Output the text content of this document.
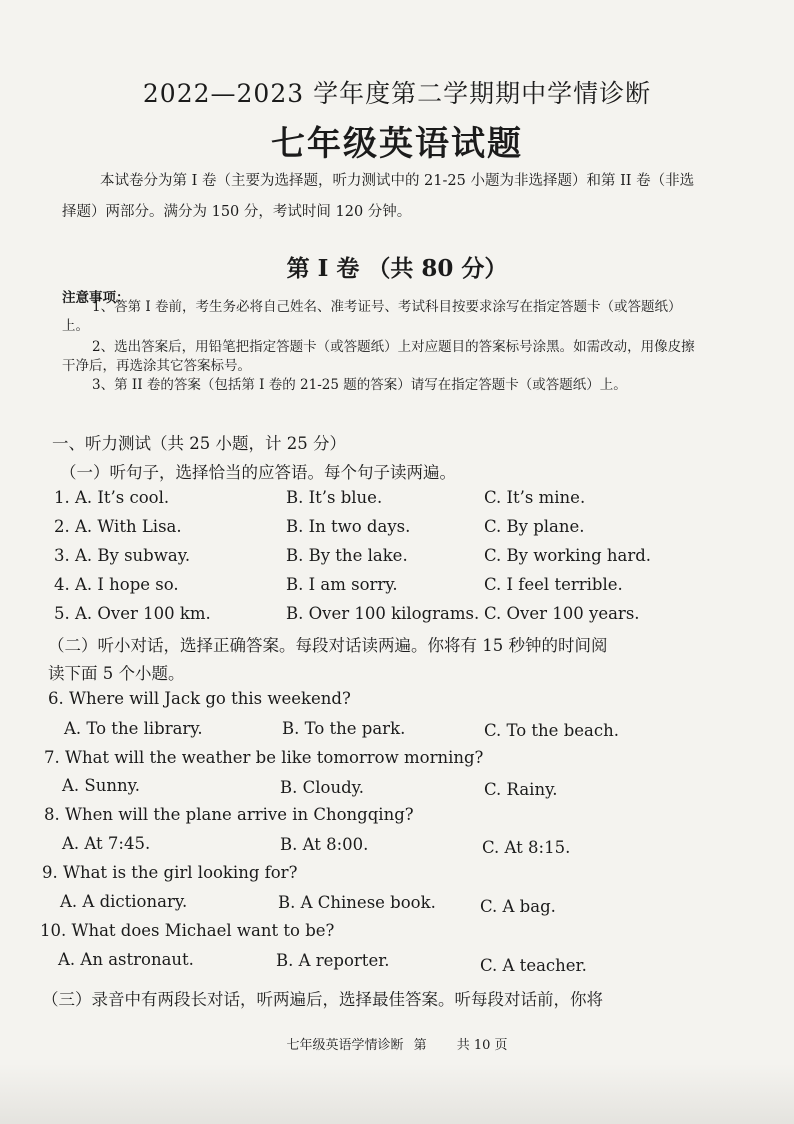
2022—2023 学年度第二学期期中学情诊断
七年级英语试题
本试卷分为第 I 卷（主要为选择题，听力测试中的 21-25 小题为非选择题）和第 II 卷（非选择题）两部分。满分为 150 分，考试时间 120 分钟。
第 I 卷 （共 80 分）
注意事项：
1、答第 I 卷前，考生务必将自己姓名、准考证号、考试科目按要求涂写在指定答题卡（或答题纸）上。
2、选出答案后，用铅笔把指定答题卡（或答题纸）上对应题目的答案标号涂黑。如需改动，用像皮擦干净后，再选涂其它答案标号。
3、第 II 卷的答案（包括第 I 卷的 21-25 题的答案）请写在指定答题卡（或答题纸）上。
一、听力测试（共 25 小题，计 25 分）
（一）听句子，选择恰当的应答语。每个句子读两遍。
1. A. It’s cool.	B. It’s blue.	C. It’s mine.
2. A. With Lisa.	B. In two days.	C. By plane.
3. A. By subway.	B. By the lake.	C. By working hard.
4. A. I hope so.	B. I am sorry.	C. I feel terrible.
5. A. Over 100 km.	B. Over 100 kilograms. C. Over 100 years.
（二）听小对话，选择正确答案。每段对话读两遍。你将有 15 秒钟的时间阅
读下面 5 个小题。
6. Where will Jack go this weekend?
A. To the library.	B. To the park.	C. To the beach.
7. What will the weather be like tomorrow morning?
A. Sunny.	B. Cloudy.	C. Rainy.
8. When will the plane arrive in Chongqing?
A. At 7:45.	B. At 8:00.	C. At 8:15.
9. What is the girl looking for?
A. A dictionary.	B. A Chinese book.	C. A bag.
10. What does Michael want to be?
A. An astronaut.	B. A reporter.	C. A teacher.
（三）录音中有两段长对话，听两遍后，选择最佳答案。听每段对话前，你将
七年级英语学情诊断 第 共 10 页
